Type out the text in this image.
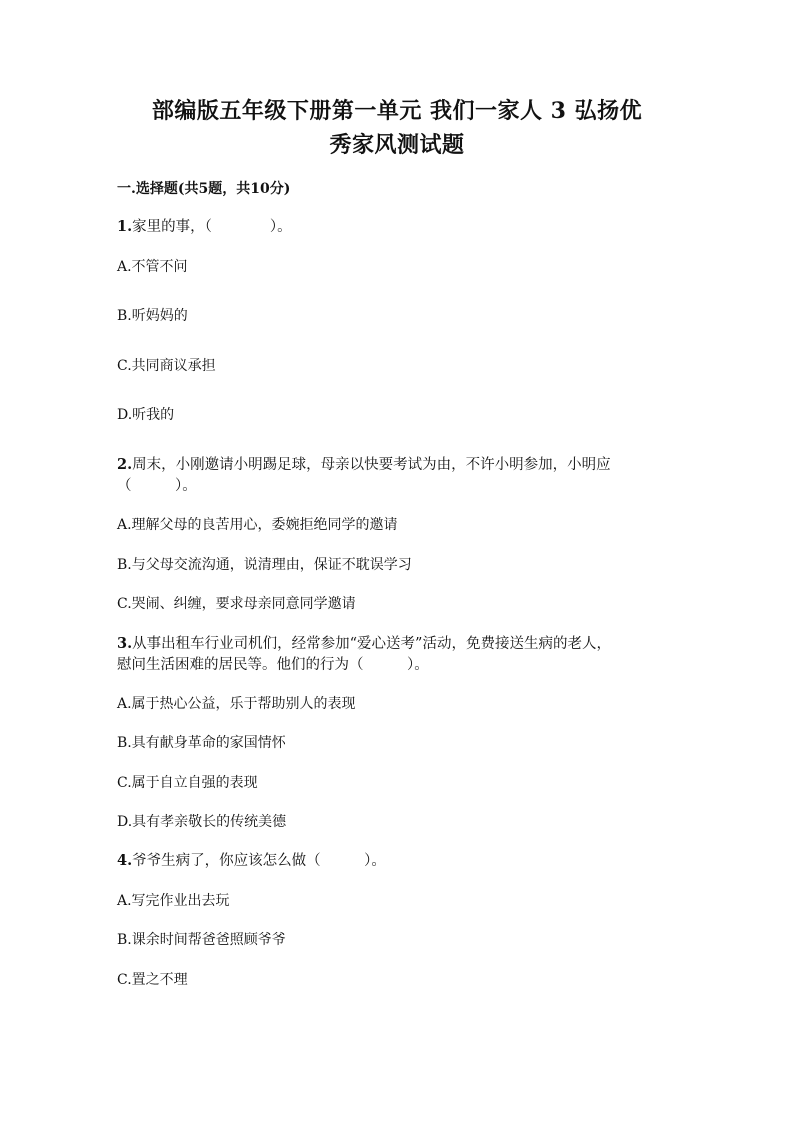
部编版五年级下册第一单元 我们一家人 3 弘扬优
秀家风测试题
一.选择题(共5题，共10分)
1.家里的事，（　　　　）。
A.不管不问
B.听妈妈的
C.共同商议承担
D.听我的
2.周末，小刚邀请小明踢足球，母亲以快要考试为由，不许小明参加，小明应
（　　　）。
A.理解父母的良苦用心，委婉拒绝同学的邀请
B.与父母交流沟通，说清理由，保证不耽误学习
C.哭闹、纠缠，要求母亲同意同学邀请
3.从事出租车行业司机们，经常参加“爱心送考”活动，免费接送生病的老人，
慰问生活困难的居民等。他们的行为（　　　）。
A.属于热心公益，乐于帮助别人的表现
B.具有献身革命的家国情怀
C.属于自立自强的表现
D.具有孝亲敬长的传统美德
4.爷爷生病了，你应该怎么做（　　　）。
A.写完作业出去玩
B.课余时间帮爸爸照顾爷爷
C.置之不理
